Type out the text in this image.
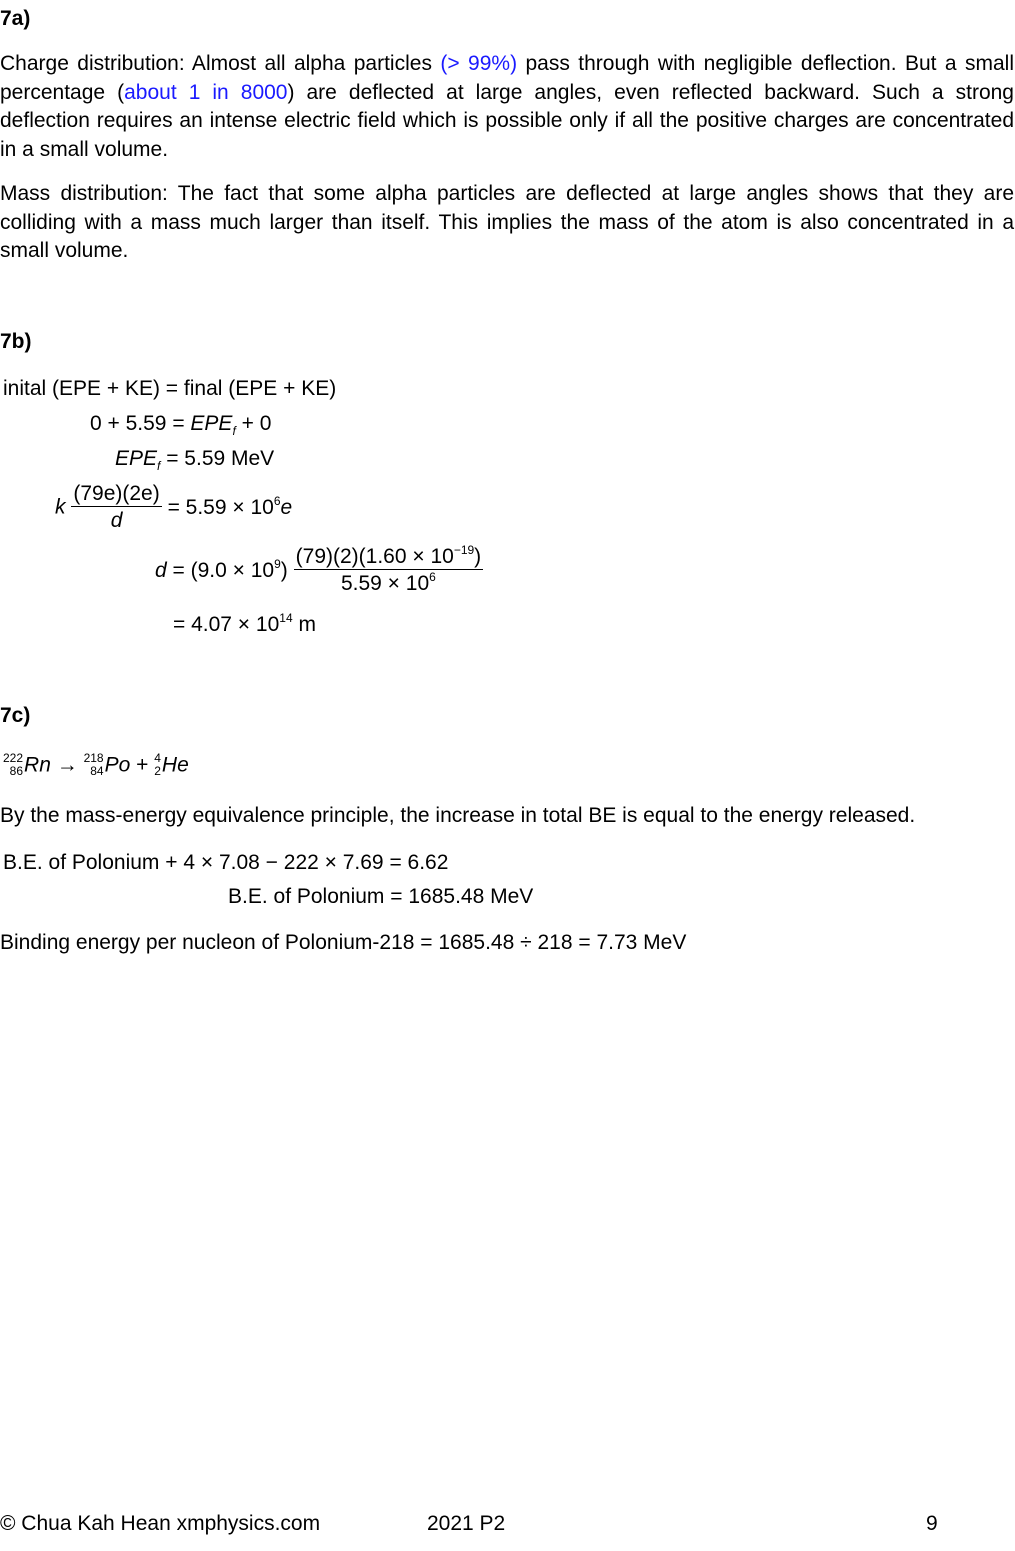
7a)
Charge distribution: Almost all alpha particles (> 99%) pass through with negligible deflection. But a small percentage (about 1 in 8000) are deflected at large angles, even reflected backward. Such a strong deflection requires an intense electric field which is possible only if all the positive charges are concentrated in a small volume.
Mass distribution: The fact that some alpha particles are deflected at large angles shows that they are colliding with a mass much larger than itself. This implies the mass of the atom is also concentrated in a small volume.
7b)
inital (EPE + KE) = final (EPE + KE)
$0 + 5.59 = EPE_f + 0$
$EPE_f = 5.59$ MeV
k $\frac{(79e)(2e)}{d} = 5.59 \times 10^6e$
$d = (9.0 \times 10^9) \frac{(79)(2)(1.60 \times 10^{-19})}{5.59 \times 10^6}$
= $4.07 \times 10^{14}$ m
7c)
222
86 Rn → 218
84 Po + 4
2 He
By the mass-energy equivalence principle, the increase in total BE is equal to the energy released.
B.E. of Polonium + 4 × 7.08 − 222 × 7.69 = 6.62
B.E. of Polonium = 1685.48 MeV
Binding energy per nucleon of Polonium-218 = 1685.48 ÷ 218 = 7.73 MeV
© Chua Kah Hean xmphysics.com	2021 P2	9
